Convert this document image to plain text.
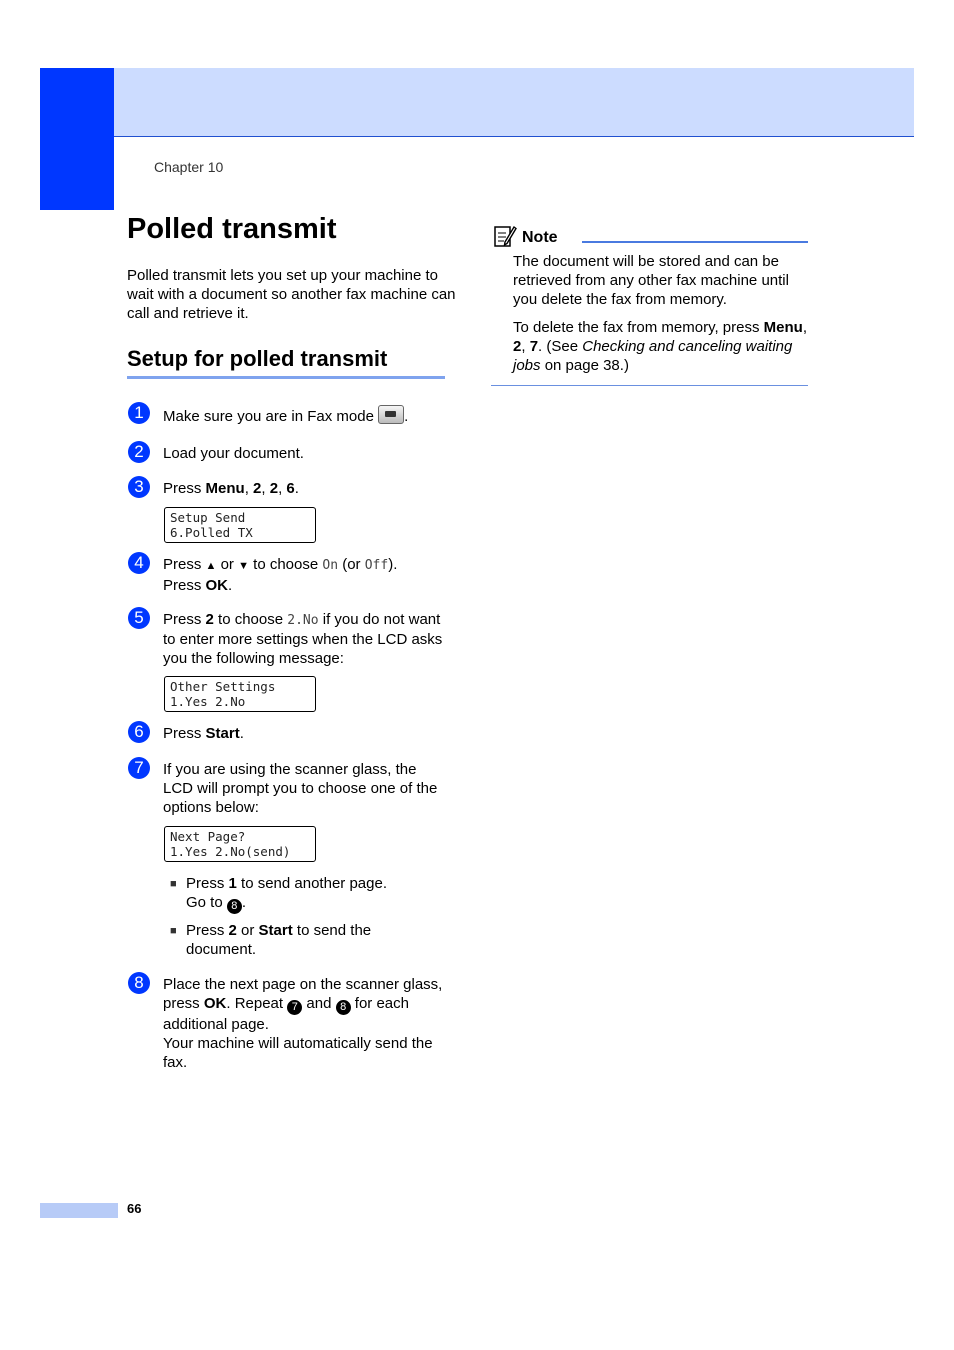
Chapter 10
Polled transmit
Polled transmit lets you set up your machine to wait with a document so another fax machine can call and retrieve it.
Setup for polled transmit
1	Make sure you are in Fax mode .
2	Load your document.
3	Press Menu, 2, 2, 6.
Setup Send
6.Polled TX
4	Press ▲ or ▼ to choose On (or Off).
Press OK.
5	Press 2 to choose 2.No if you do not want to enter more settings when the LCD asks you the following message:
Other Settings
1.Yes 2.No
6	Press Start.
7	If you are using the scanner glass, the LCD will prompt you to choose one of the options below:
Next Page?
1.Yes 2.No(send)
■ Press 1 to send another page.
Go to 8 .
■ Press 2 or Start to send the document.
8	Place the next page on the scanner glass, press OK. Repeat 7 and 8 for each additional page.
Your machine will automatically send the fax.
Note
The document will be stored and can be retrieved from any other fax machine until you delete the fax from memory.
To delete the fax from memory, press Menu, 2, 7. (See Checking and canceling waiting jobs on page 38.)
66
